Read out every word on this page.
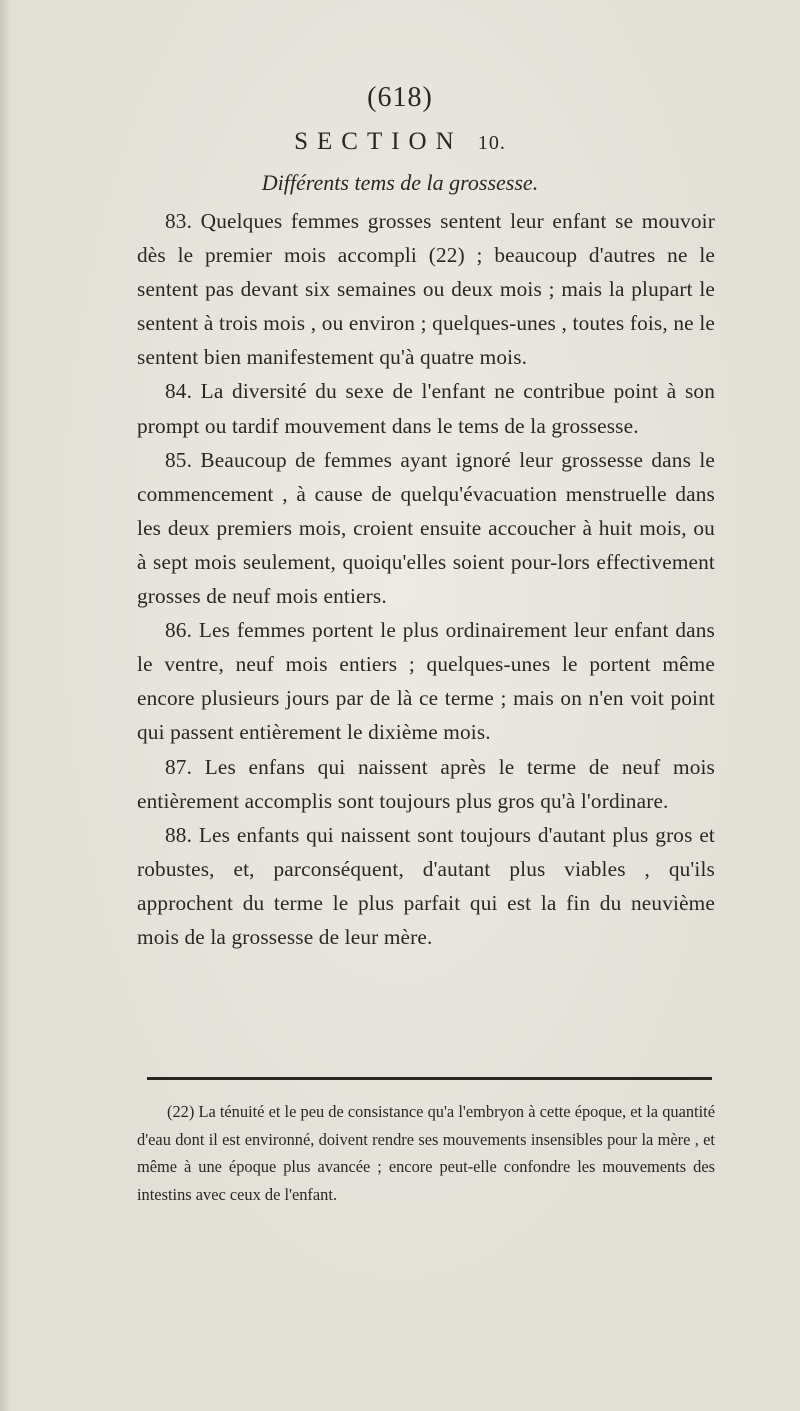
(618)
SECTION 10.
Différents tems de la grossesse.

83. Quelques femmes grosses sentent leur enfant se mouvoir dès le premier mois accompli (22) ; beaucoup d'autres ne le sentent pas devant six semaines ou deux mois ; mais la plupart le sentent à trois mois , ou environ ; quelques-unes , toutes fois, ne le sentent bien manifestement qu'à quatre mois.

84. La diversité du sexe de l'enfant ne contribue point à son prompt ou tardif mouvement dans le tems de la grossesse.

85. Beaucoup de femmes ayant ignoré leur grossesse dans le commencement , à cause de quelqu'évacuation menstruelle dans les deux premiers mois, croient ensuite accoucher à huit mois, ou à sept mois seulement, quoiqu'elles soient pour-lors effectivement grosses de neuf mois entiers.

86. Les femmes portent le plus ordinairement leur enfant dans le ventre, neuf mois entiers ; quelques-unes le portent même encore plusieurs jours par de là ce terme ; mais on n'en voit point qui passent entièrement le dixième mois.

87. Les enfans qui naissent après le terme de neuf mois entièrement accomplis sont toujours plus gros qu'à l'ordinare.

88. Les enfants qui naissent sont toujours d'autant plus gros et robustes, et, parconséquent, d'autant plus viables , qu'ils approchent du terme le plus parfait qui est la fin du neuvième mois de la grossesse de leur mère.

(22) La ténuité et le peu de consistance qu'a l'embryon à cette époque, et la quantité d'eau dont il est environné, doivent rendre ses mouvements insensibles pour la mère , et même à une époque plus avancée ; encore peut-elle confondre les mouvements des intestins avec ceux de l'enfant.
